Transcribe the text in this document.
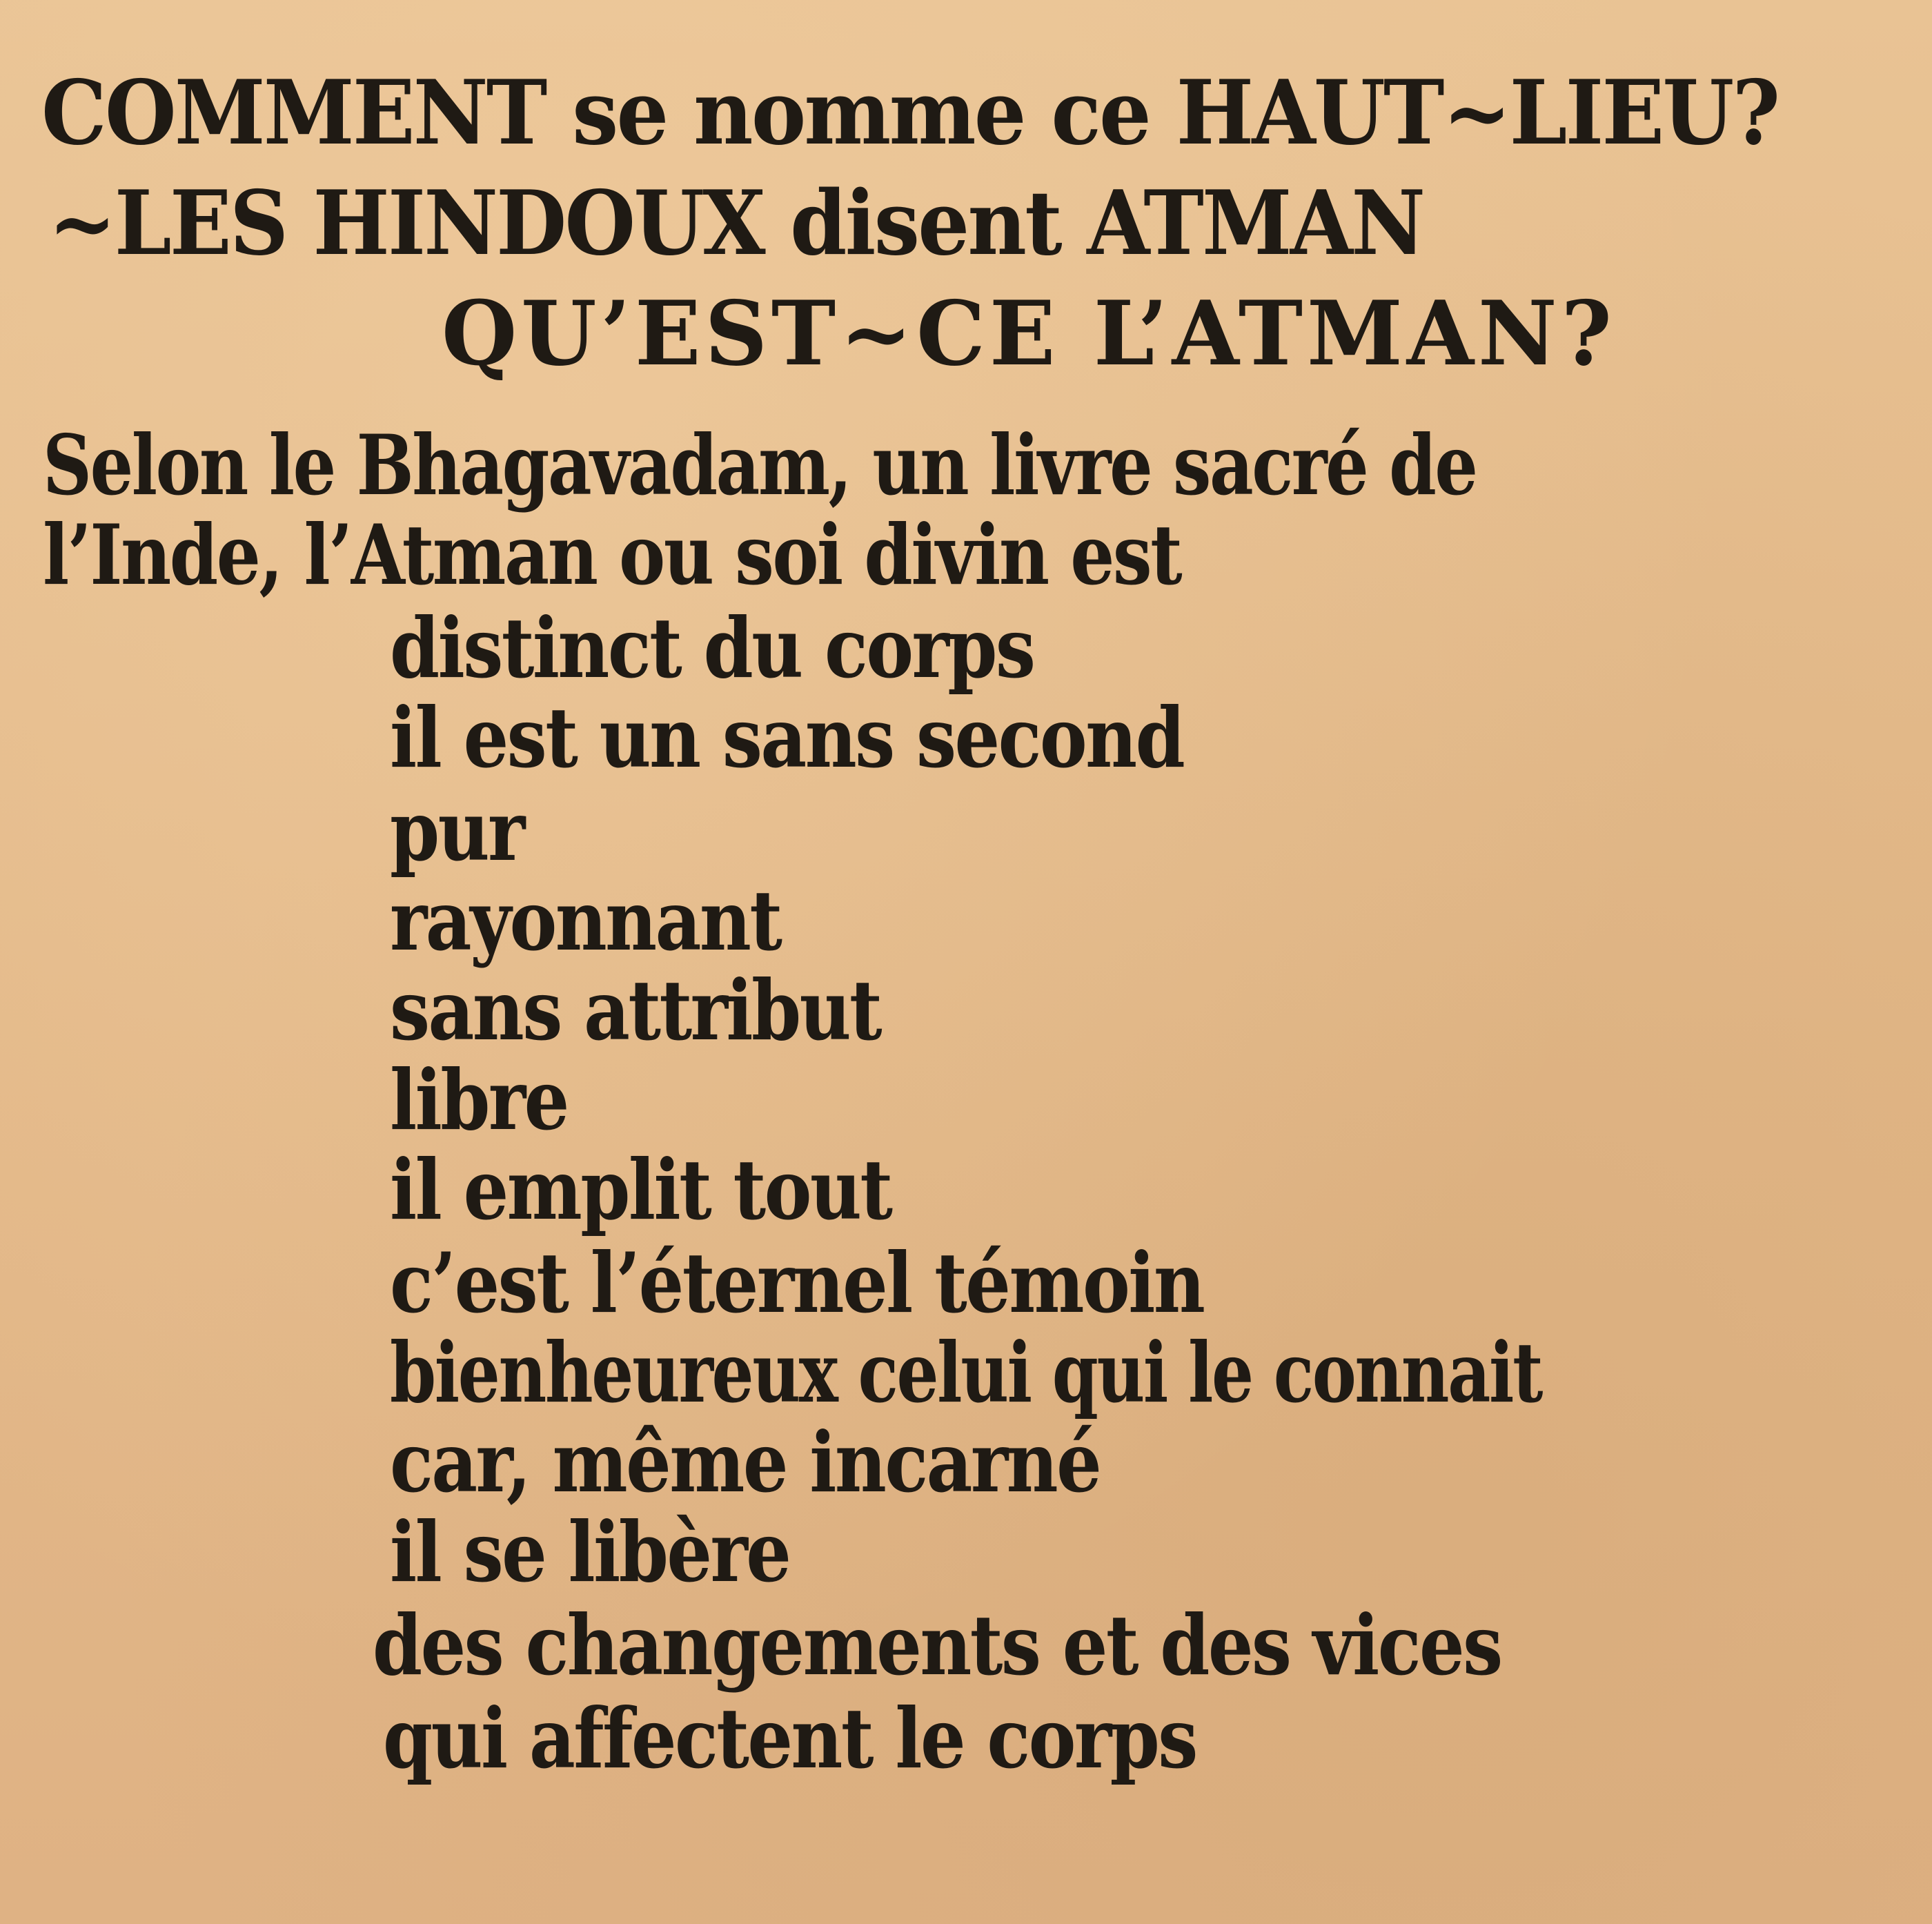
COMMENT se nomme ce HAUT~LIEU?

~LES HINDOUX disent ATMAN

QU’EST~CE L’ATMAN?

Selon le Bhagavadam, un livre sacré de

l’Inde, l’Atman ou soi divin est

distinct du corps

il est un sans second

pur

rayonnant

sans attribut

libre

il emplit tout

c’est l’éternel témoin

bienheureux celui qui le connait

car, même incarné

il se libère

des changements et des vices

qui affectent le corps
